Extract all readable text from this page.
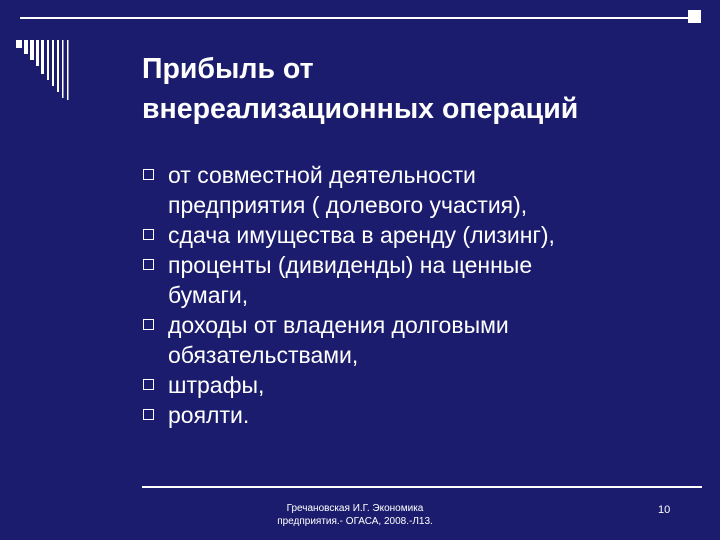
Прибыль от
внереализационных операций
от совместной деятельности
предприятия ( долевого участия),
сдача имущества в аренду (лизинг),
проценты (дивиденды) на ценные
бумаги,
доходы от владения долговыми
обязательствами,
штрафы,
роялти.
Гречановская И.Г. Экономика
предприятия.- ОГАСА, 2008.-Л13.
10
